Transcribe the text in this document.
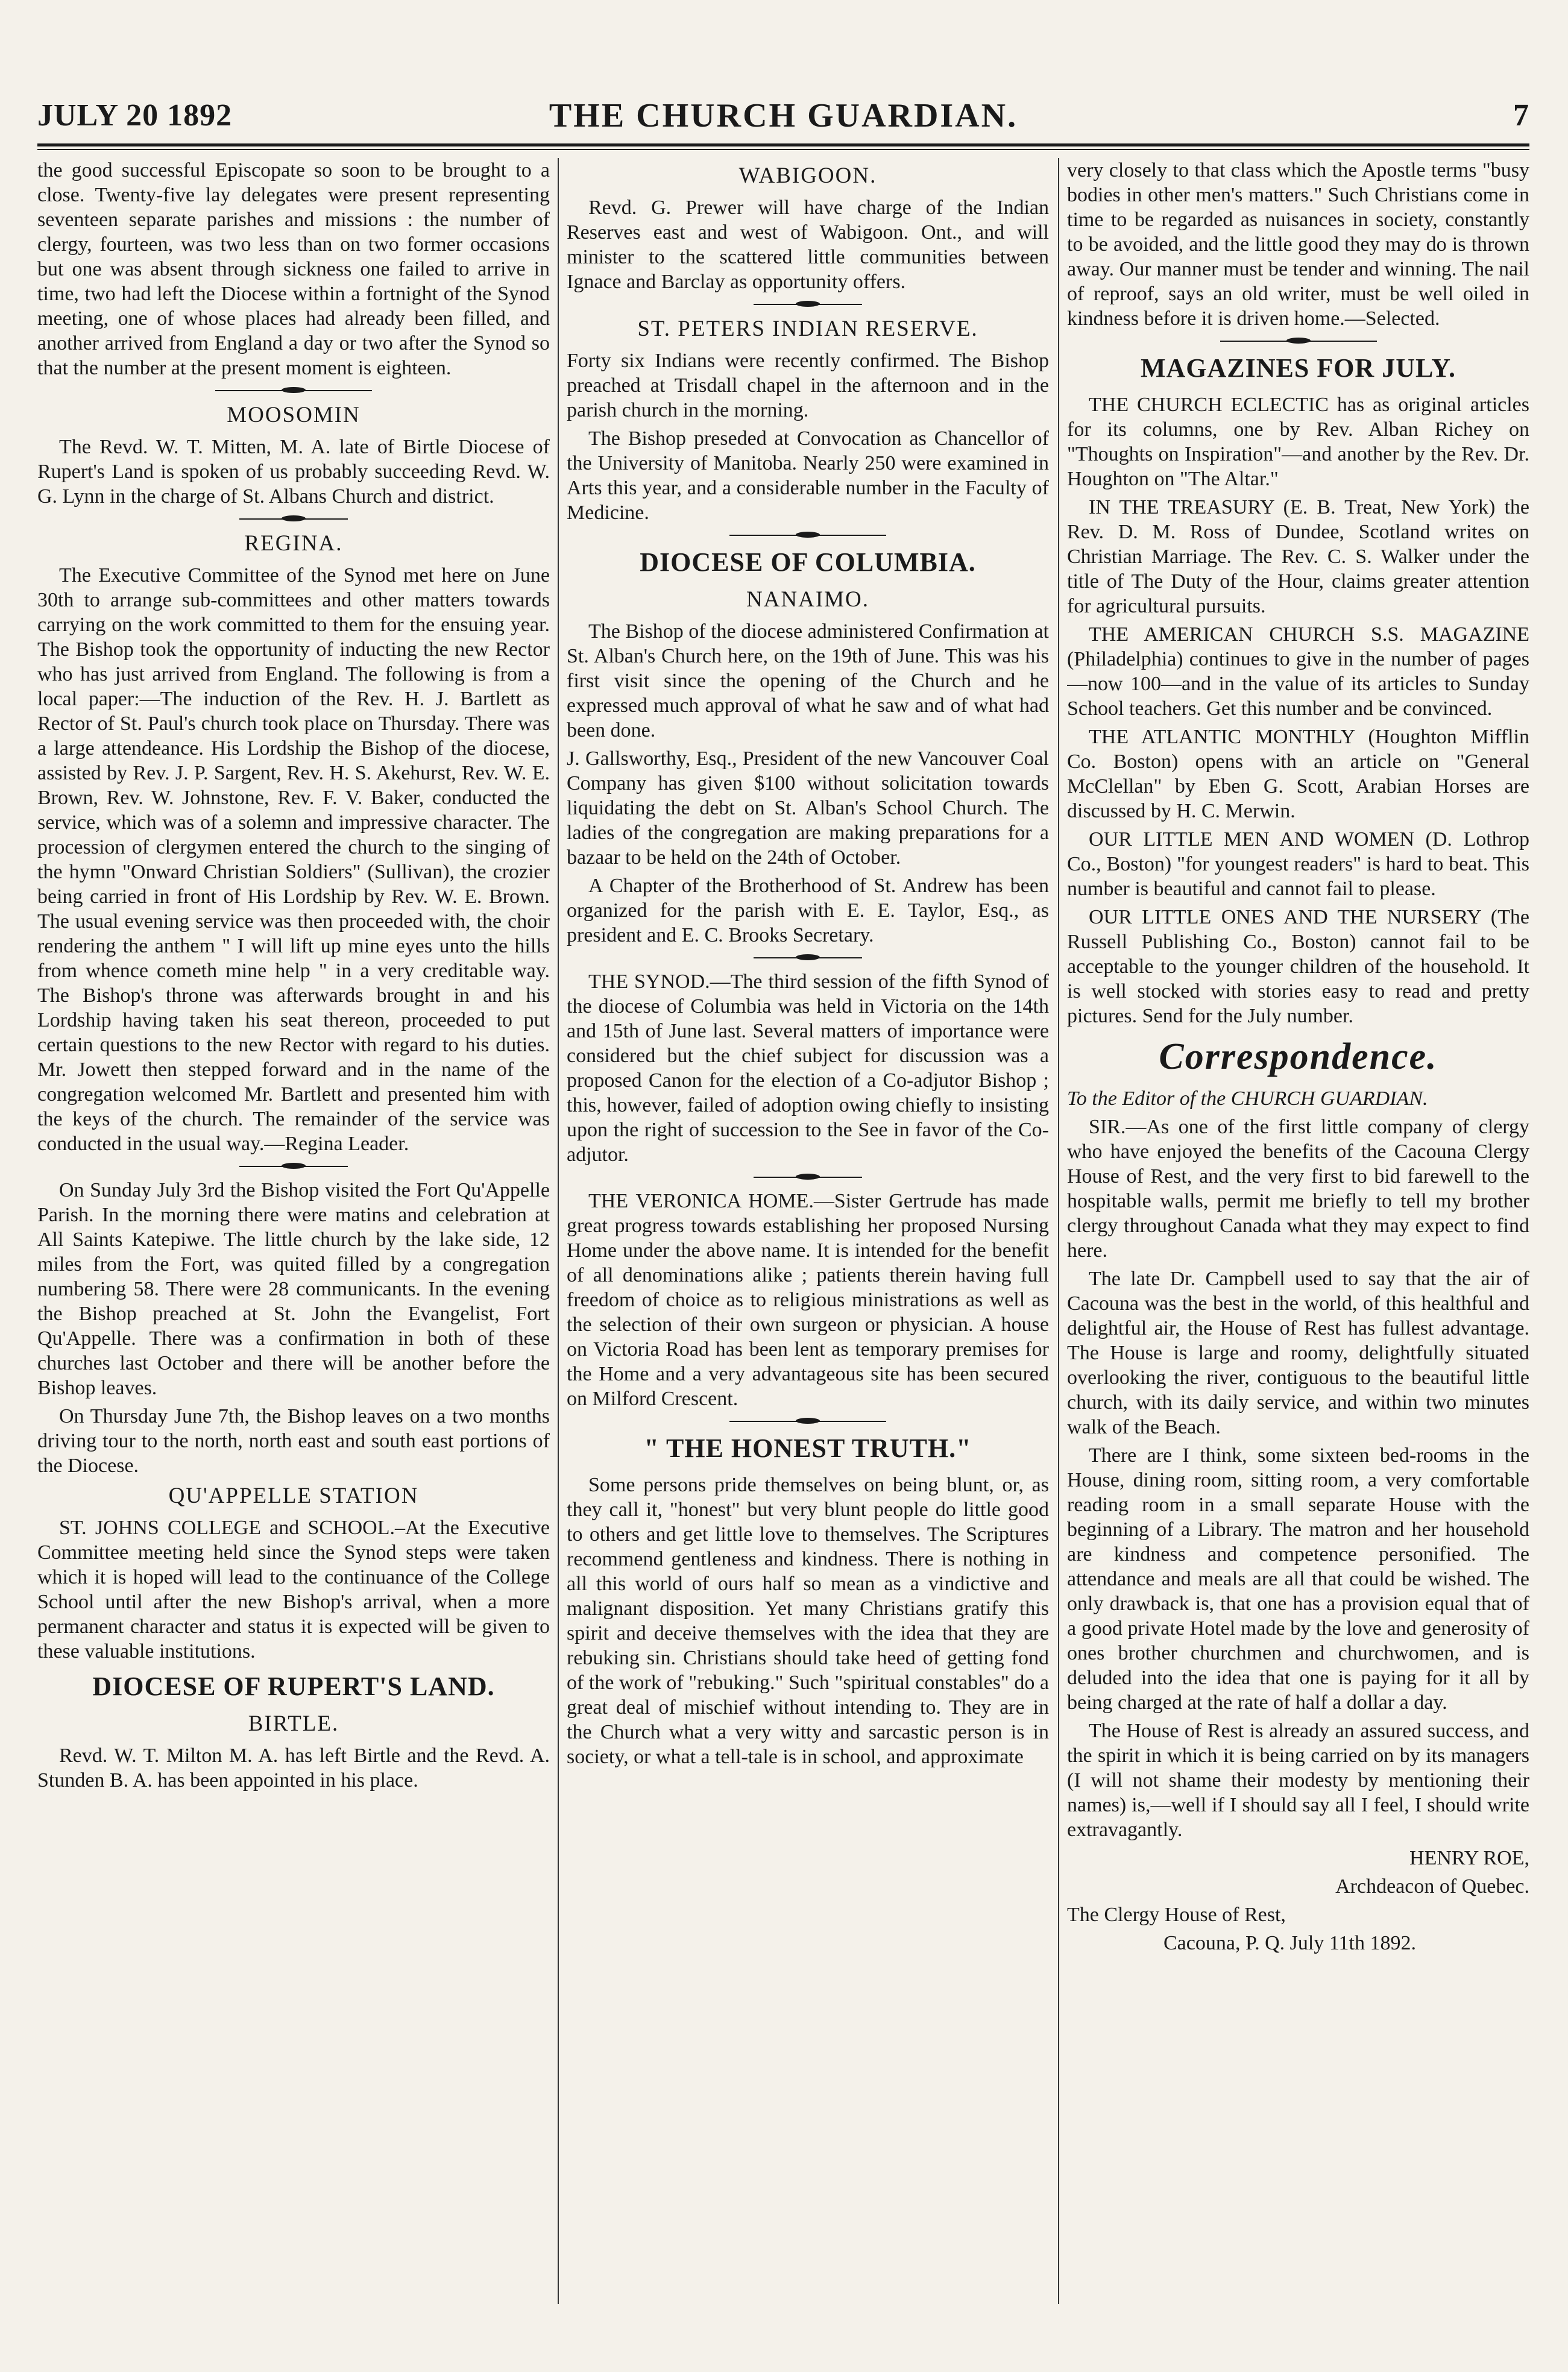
THE CHURCH GUARDIAN.
JULY 20 1892	7

the good successful Episcopate so soon to be brought to a close. Twenty-five lay delegates were present representing seventeen separate parishes and missions : the number of clergy, fourteen, was two less than on two former occasions but one was absent through sickness one failed to arrive in time, two had left the Diocese within a fortnight of the Synod meeting, one of whose places had already been filled, and another arrived from England a day or two after the Synod so that the number at the present moment is eighteen.

MOOSOMIN

The Revd. W. T. Mitten, M. A. late of Birtle Diocese of Rupert's Land is spoken of us probably succeeding Revd. W. G. Lynn in the charge of St. Albans Church and district.

REGINA.

The Executive Committee of the Synod met here on June 30th to arrange sub-committees and other matters towards carrying on the work committed to them for the ensuing year. The Bishop took the opportunity of inducting the new Rector who has just arrived from England. The following is from a local paper:—The induction of the Rev. H. J. Bartlett as Rector of St. Paul's church took place on Thursday. There was a large attendeance. His Lordship the Bishop of the diocese, assisted by Rev. J. P. Sargent, Rev. H. S. Akehurst, Rev. W. E. Brown, Rev. W. Johnstone, Rev. F. V. Baker, conducted the service, which was of a solemn and impressive character. The procession of clergymen entered the church to the singing of the hymn "Onward Christian Soldiers" (Sullivan), the crozier being carried in front of His Lordship by Rev. W. E. Brown. The usual evening service was then proceeded with, the choir rendering the anthem " I will lift up mine eyes unto the hills from whence cometh mine help " in a very creditable way. The Bishop's throne was afterwards brought in and his Lordship having taken his seat thereon, proceeded to put certain questions to the new Rector with regard to his duties. Mr. Jowett then stepped forward and in the name of the congregation welcomed Mr. Bartlett and presented him with the keys of the church. The remainder of the service was conducted in the usual way.—Regina Leader.

On Sunday July 3rd the Bishop visited the Fort Qu'Appelle Parish. In the morning there were matins and celebration at All Saints Katepiwe. The little church by the lake side, 12 miles from the Fort, was quited filled by a congregation numbering 58. There were 28 communicants. In the evening the Bishop preached at St. John the Evangelist, Fort Qu'Appelle. There was a confirmation in both of these churches last October and there will be another before the Bishop leaves.

On Thursday June 7th, the Bishop leaves on a two months driving tour to the north, north east and south east portions of the Diocese.

QU'APPELLE STATION

ST. JOHNS COLLEGE and SCHOOL.–At the Executive Committee meeting held since the Synod steps were taken which it is hoped will lead to the continuance of the College School until after the new Bishop's arrival, when a more permanent character and status it is expected will be given to these valuable institutions.

DIOCESE OF RUPERT'S LAND.
BIRTLE.

Revd. W. T. Milton M. A. has left Birtle and the Revd. A. Stunden B. A. has been appointed in his place.

WABIGOON.

Revd. G. Prewer will have charge of the Indian Reserves east and west of Wabigoon. Ont., and will minister to the scattered little communities between Ignace and Barclay as opportunity offers.

ST. PETERS INDIAN RESERVE.

Forty six Indians were recently confirmed. The Bishop preached at Trisdall chapel in the afternoon and in the parish church in the morning.

The Bishop preseded at Convocation as Chancellor of the University of Manitoba. Nearly 250 were examined in Arts this year, and a considerable number in the Faculty of Medicine.

DIOCESE OF COLUMBIA.
NANAIMO.

The Bishop of the diocese administered Confirmation at St. Alban's Church here, on the 19th of June. This was his first visit since the opening of the Church and he expressed much approval of what he saw and of what had been done.

J. Gallsworthy, Esq., President of the new Vancouver Coal Company has given $100 without solicitation towards liquidating the debt on St. Alban's School Church. The ladies of the congregation are making preparations for a bazaar to be held on the 24th of October.

A Chapter of the Brotherhood of St. Andrew has been organized for the parish with E. E. Taylor, Esq., as president and E. C. Brooks Secretary.

THE SYNOD.—The third session of the fifth Synod of the diocese of Columbia was held in Victoria on the 14th and 15th of June last. Several matters of importance were considered but the chief subject for discussion was a proposed Canon for the election of a Co-adjutor Bishop ; this, however, failed of adoption owing chiefly to insisting upon the right of succession to the See in favor of the Co-adjutor.

THE VERONICA HOME.—Sister Gertrude has made great progress towards establishing her proposed Nursing Home under the above name. It is intended for the benefit of all denominations alike ; patients therein having full freedom of choice as to religious ministrations as well as the selection of their own surgeon or physician. A house on Victoria Road has been lent as temporary premises for the Home and a very advantageous site has been secured on Milford Crescent.

" THE HONEST TRUTH."

Some persons pride themselves on being blunt, or, as they call it, "honest" but very blunt people do little good to others and get little love to themselves. The Scriptures recommend gentleness and kindness. There is nothing in all this world of ours half so mean as a vindictive and malignant disposition. Yet many Christians gratify this spirit and deceive themselves with the idea that they are rebuking sin. Christians should take heed of getting fond of the work of "rebuking." Such "spiritual constables" do a great deal of mischief without intending to. They are in the Church what a very witty and sarcastic person is in society, or what a tell-tale is in school, and approximate

very closely to that class which the Apostle terms "busy bodies in other men's matters." Such Christians come in time to be regarded as nuisances in society, constantly to be avoided, and the little good they may do is thrown away. Our manner must be tender and winning. The nail of reproof, says an old writer, must be well oiled in kindness before it is driven home.—Selected.

MAGAZINES FOR JULY.

THE CHURCH ECLECTIC has as original articles for its columns, one by Rev. Alban Richey on "Thoughts on Inspiration"—and another by the Rev. Dr. Houghton on "The Altar."

IN THE TREASURY (E. B. Treat, New York) the Rev. D. M. Ross of Dundee, Scotland writes on Christian Marriage. The Rev. C. S. Walker under the title of The Duty of the Hour, claims greater attention for agricultural pursuits.

THE AMERICAN CHURCH S.S. MAGAZINE (Philadelphia) continues to give in the number of pages—now 100—and in the value of its articles to Sunday School teachers. Get this number and be convinced.

THE ATLANTIC MONTHLY (Houghton Mifflin Co. Boston) opens with an article on "General McClellan" by Eben G. Scott, Arabian Horses are discussed by H. C. Merwin.

OUR LITTLE MEN AND WOMEN (D. Lothrop Co., Boston) "for youngest readers" is hard to beat. This number is beautiful and cannot fail to please.

OUR LITTLE ONES AND THE NURSERY (The Russell Publishing Co., Boston) cannot fail to be acceptable to the younger children of the household. It is well stocked with stories easy to read and pretty pictures. Send for the July number.

Correspondence.

To the Editor of the CHURCH GUARDIAN.

SIR.—As one of the first little company of clergy who have enjoyed the benefits of the Cacouna Clergy House of Rest, and the very first to bid farewell to the hospitable walls, permit me briefly to tell my brother clergy throughout Canada what they may expect to find here.

The late Dr. Campbell used to say that the air of Cacouna was the best in the world, of this healthful and delightful air, the House of Rest has fullest advantage. The House is large and roomy, delightfully situated overlooking the river, contiguous to the beautiful little church, with its daily service, and within two minutes walk of the Beach.

There are I think, some sixteen bed-rooms in the House, dining room, sitting room, a very comfortable reading room in a small separate House with the beginning of a Library. The matron and her household are kindness and competence personified. The attendance and meals are all that could be wished. The only drawback is, that one has a provision equal that of a good private Hotel made by the love and generosity of ones brother churchmen and churchwomen, and is deluded into the idea that one is paying for it all by being charged at the rate of half a dollar a day.

The House of Rest is already an assured success, and the spirit in which it is being carried on by its managers (I will not shame their modesty by mentioning their names) is,—well if I should say all I feel, I should write extravagantly.

HENRY ROE,

Archdeacon of Quebec.

The Clergy House of Rest,

Cacouna, P. Q. July 11th 1892.
